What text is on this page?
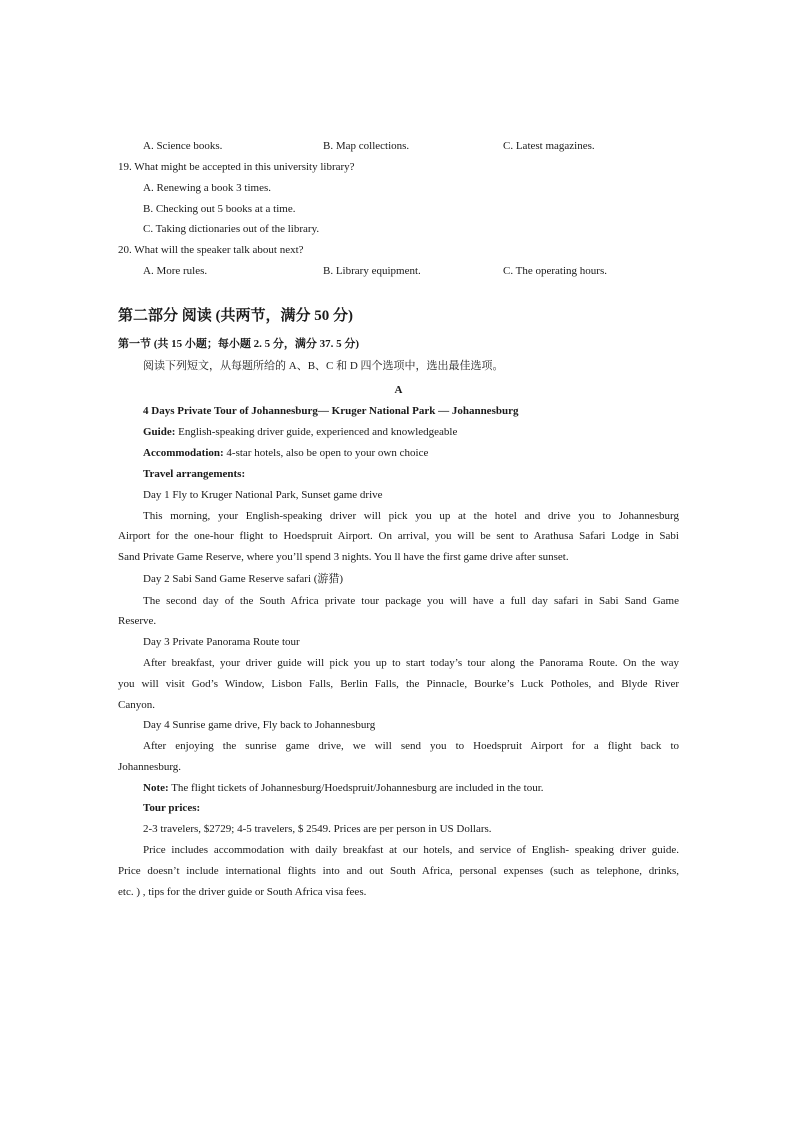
A. Science books.	B. Map collections.	C. Latest magazines.
19. What might be accepted in this university library?
A. Renewing a book 3 times.
B. Checking out 5 books at a time.
C. Taking dictionaries out of the library.
20. What will the speaker talk about next?
A. More rules.	B. Library equipment.	C. The operating hours.
第二部分 阅读 (共两节，满分 50 分)
第一节 (共 15 小题；每小题 2. 5 分，满分 37. 5 分)
阅读下列短文，从每题所给的 A、B、C 和 D 四个选项中，选出最佳选项。
A
4 Days Private Tour of Johannesburg— Kruger National Park — Johannesburg
Guide: English-speaking driver guide, experienced and knowledgeable
Accommodation: 4-star hotels, also be open to your own choice
Travel arrangements:
Day 1 Fly to Kruger National Park, Sunset game drive
This morning, your English-speaking driver will pick you up at the hotel and drive you to Johannesburg
Airport for the one-hour flight to Hoedspruit Airport. On arrival, you will be sent to Arathusa Safari Lodge in Sabi
Sand Private Game Reserve, where you’ll spend 3 nights. You ll have the first game drive after sunset.
Day 2 Sabi Sand Game Reserve safari (游猎)
The second day of the South Africa private tour package you will have a full day safari in Sabi Sand Game
Reserve.
Day 3 Private Panorama Route tour
After breakfast, your driver guide will pick you up to start today’s tour along the Panorama Route. On the way
you will visit God’s Window, Lisbon Falls, Berlin Falls, the Pinnacle, Bourke’s Luck Potholes, and Blyde River
Canyon.
Day 4 Sunrise game drive, Fly back to Johannesburg
After enjoying the sunrise game drive, we will send you to Hoedspruit Airport for a flight back to
Johannesburg.
Note: The flight tickets of Johannesburg/Hoedspruit/Johannesburg are included in the tour.
Tour prices:
2-3 travelers, $2729; 4-5 travelers, $ 2549. Prices are per person in US Dollars.
Price includes accommodation with daily breakfast at our hotels, and service of English- speaking driver guide.
Price doesn’t include international flights into and out South Africa, personal expenses (such as telephone, drinks,
etc. ) , tips for the driver guide or South Africa visa fees.
